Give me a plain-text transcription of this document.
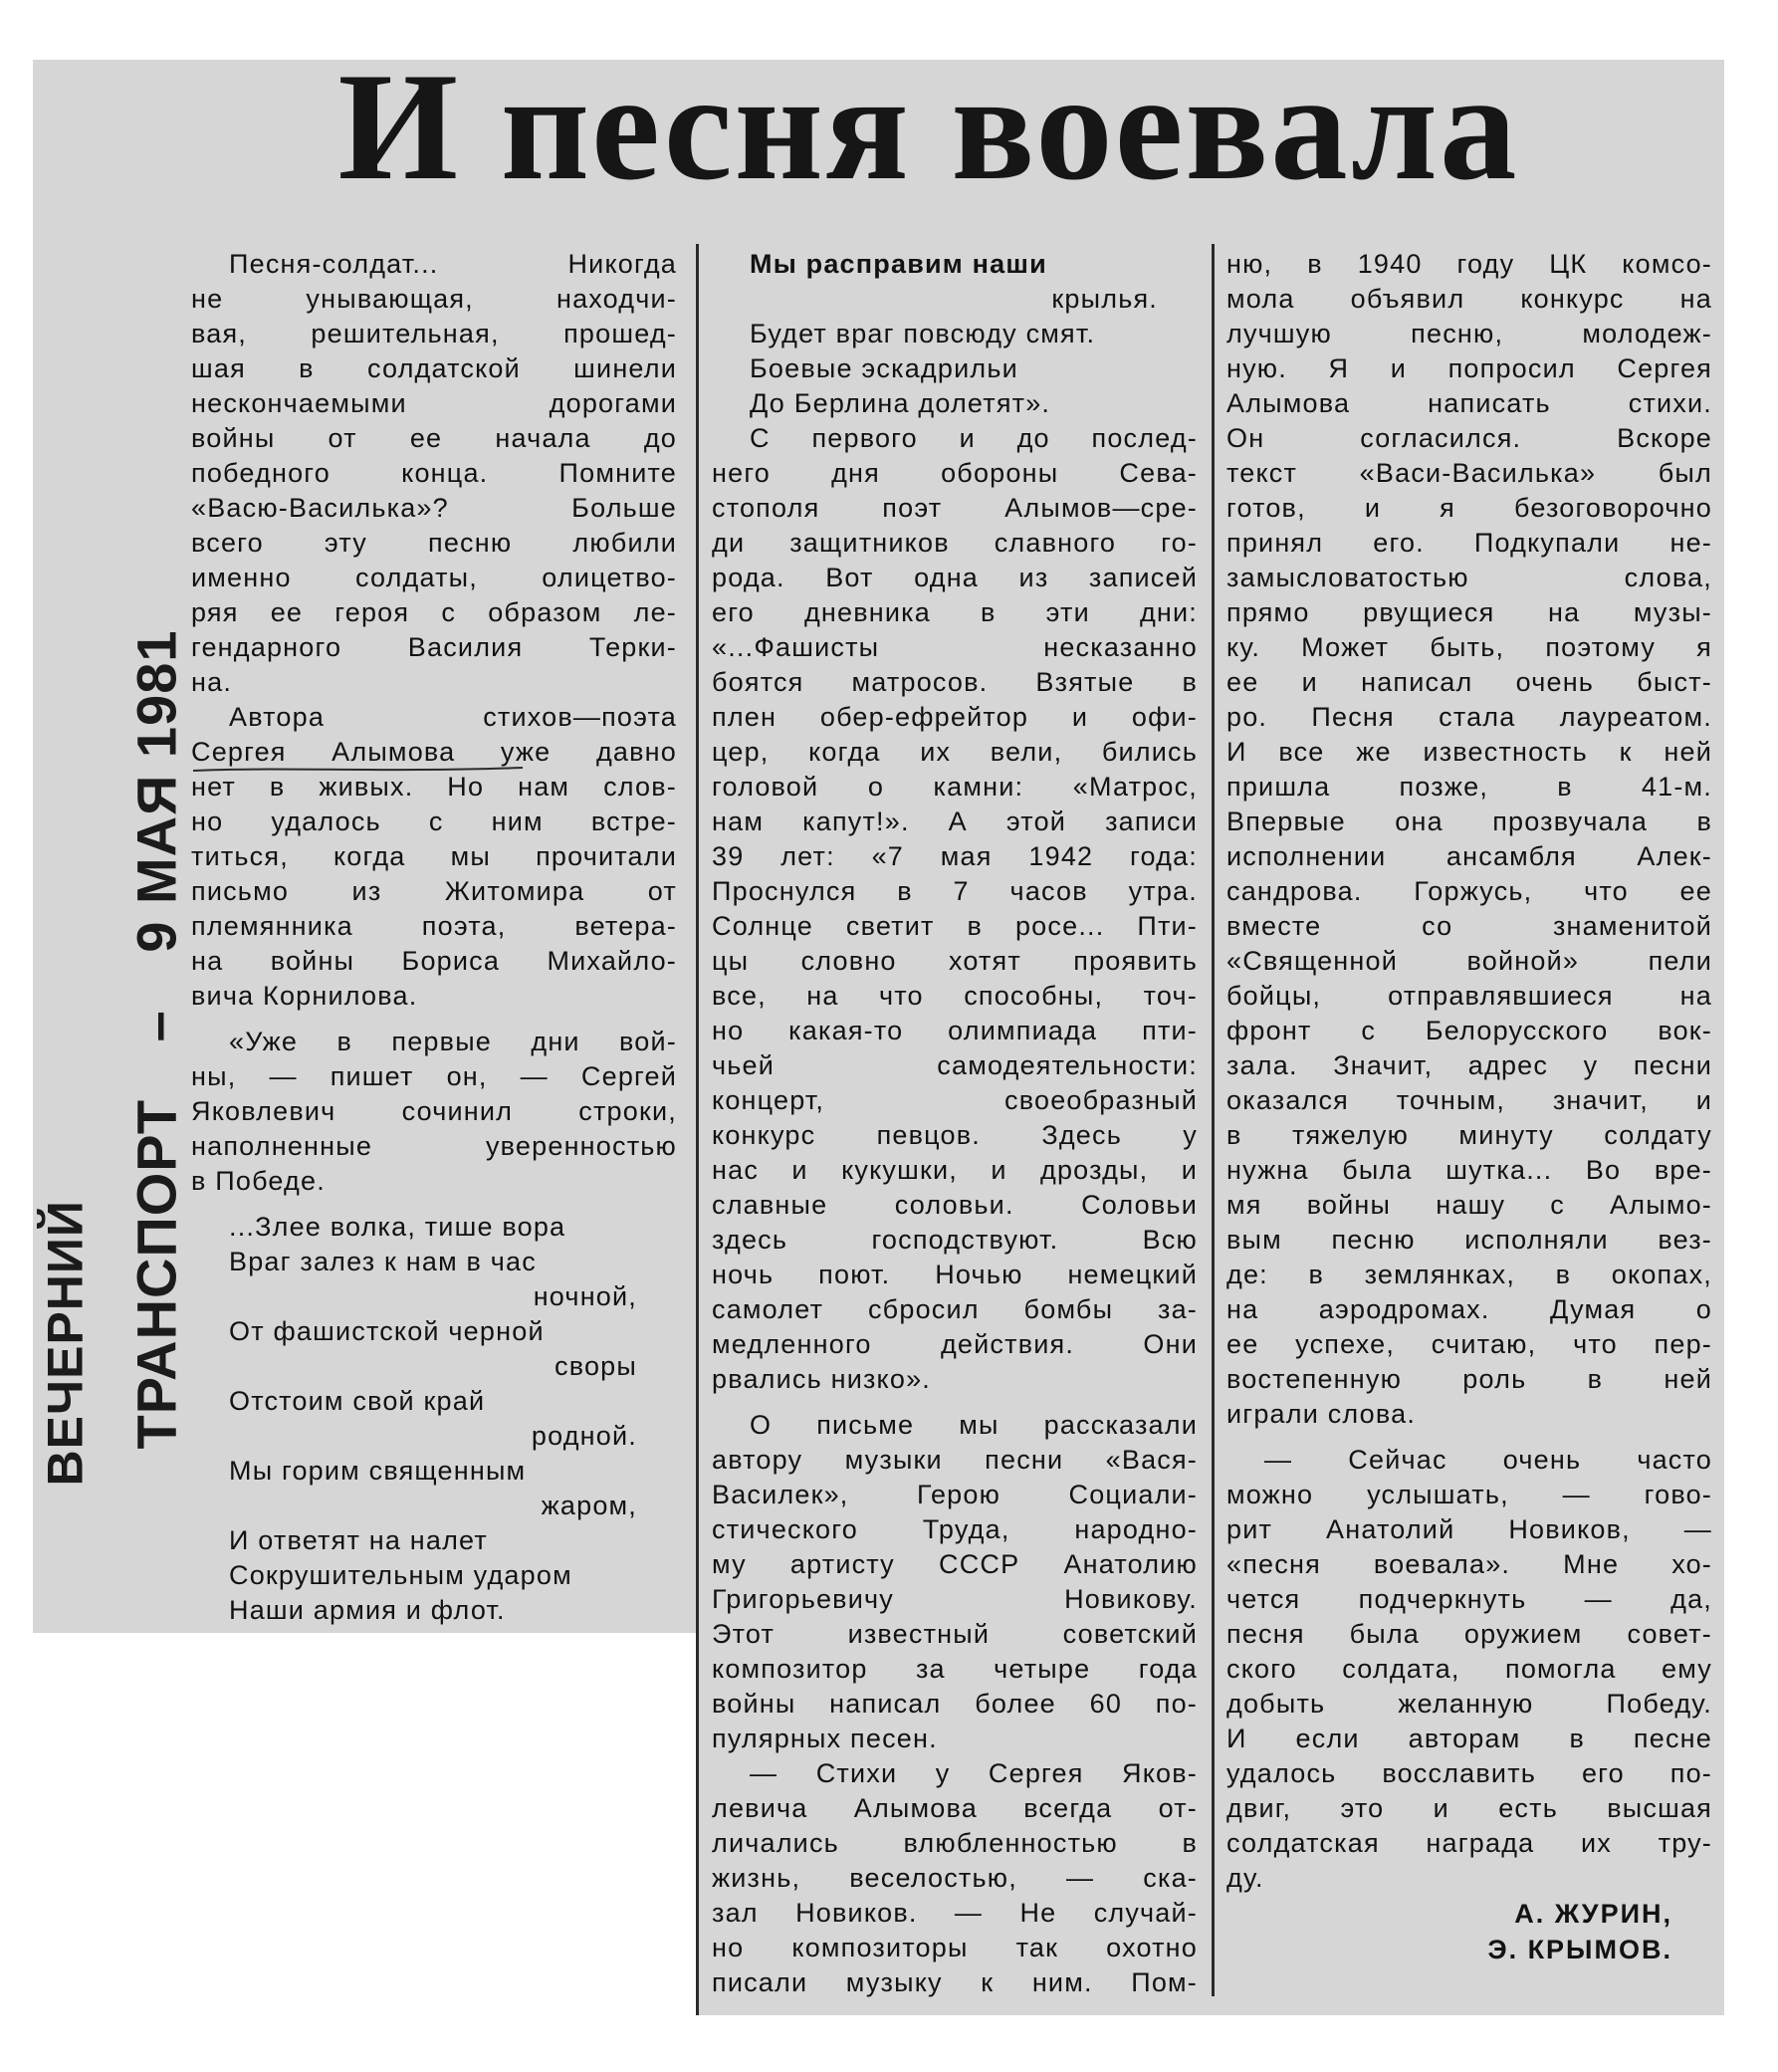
И песня воевала
ВЕЧЕРНИЙ ТРАНСПОРТ
–
9 МАЯ 1981
Песня-солдат... Никогда
не унывающая, находчи-
вая, решительная, прошед-
шая в солдатской шинели
нескончаемыми дорогами
войны от ее начала до
победного конца. Помните
«Васю-Василька»? Больше
всего эту песню любили
именно солдаты, олицетво-
ряя ее героя с образом ле-
гендарного Василия Терки-
на.
Автора стихов—поэта
Сергея Алымова уже давно
нет в живых. Но нам слов-
но удалось с ним встре-
титься, когда мы прочитали
письмо из Житомира от
племянника поэта, ветера-
на войны Бориса Михайло-
вича Корнилова.
«Уже в первые дни вой-
ны, — пишет он, — Сергей
Яковлевич сочинил строки,
наполненные уверенностью
в Победе.
...Злее волка, тише вора
Враг залез к нам в час
ночной,
От фашистской черной
своры
Отстоим свой край
родной.
Мы горим священным
жаром,
И ответят на налет
Сокрушительным ударом
Наши армия и флот.
Мы расправим наши
крылья.
Будет враг повсюду смят.
Боевые эскадрильи
До Берлина долетят».
С первого и до послед-
него дня обороны Сева-
стополя поэт Алымов—сре-
ди защитников славного го-
рода. Вот одна из записей
его дневника в эти дни:
«...Фашисты несказанно
боятся матросов. Взятые в
плен обер-ефрейтор и офи-
цер, когда их вели, бились
головой о камни: «Матрос,
нам капут!». А этой записи
39 лет: «7 мая 1942 года:
Проснулся в 7 часов утра.
Солнце светит в росе... Пти-
цы словно хотят проявить
все, на что способны, точ-
но какая-то олимпиада пти-
чьей самодеятельности:
концерт, своеобразный
конкурс певцов. Здесь у
нас и кукушки, и дрозды, и
славные соловьи. Соловьи
здесь господствуют. Всю
ночь поют. Ночью немецкий
самолет сбросил бомбы за-
медленного действия. Они
рвались низко».
О письме мы рассказали
автору музыки песни «Вася-
Василек», Герою Социали-
стического Труда, народно-
му артисту СССР Анатолию
Григорьевичу Новикову.
Этот известный советский
композитор за четыре года
войны написал более 60 по-
пулярных песен.
— Стихи у Сергея Яков-
левича Алымова всегда от-
личались влюбленностью в
жизнь, веселостью, — ска-
зал Новиков. — Не случай-
но композиторы так охотно
писали музыку к ним. Пом-
ню, в 1940 году ЦК комсо-
мола объявил конкурс на
лучшую песню, молодеж-
ную. Я и попросил Сергея
Алымова написать стихи.
Он согласился. Вскоре
текст «Васи-Василька» был
готов, и я безоговорочно
принял его. Подкупали не-
замысловатостью слова,
прямо рвущиеся на музы-
ку. Может быть, поэтому я
ее и написал очень быст-
ро. Песня стала лауреатом.
И все же известность к ней
пришла позже, в 41-м.
Впервые она прозвучала в
исполнении ансамбля Алек-
сандрова. Горжусь, что ее
вместе со знаменитой
«Священной войной» пели
бойцы, отправлявшиеся на
фронт с Белорусского вок-
зала. Значит, адрес у песни
оказался точным, значит, и
в тяжелую минуту солдату
нужна была шутка... Во вре-
мя войны нашу с Алымо-
вым песню исполняли вез-
де: в землянках, в окопах,
на аэродромах. Думая о
ее успехе, считаю, что пер-
востепенную роль в ней
играли слова.
— Сейчас очень часто
можно услышать, — гово-
рит Анатолий Новиков, —
«песня воевала». Мне хо-
чется подчеркнуть — да,
песня была оружием совет-
ского солдата, помогла ему
добыть желанную Победу.
И если авторам в песне
удалось восславить его по-
двиг, это и есть высшая
солдатская награда их тру-
ду.
А. ЖУРИН,
Э. КРЫМОВ.
